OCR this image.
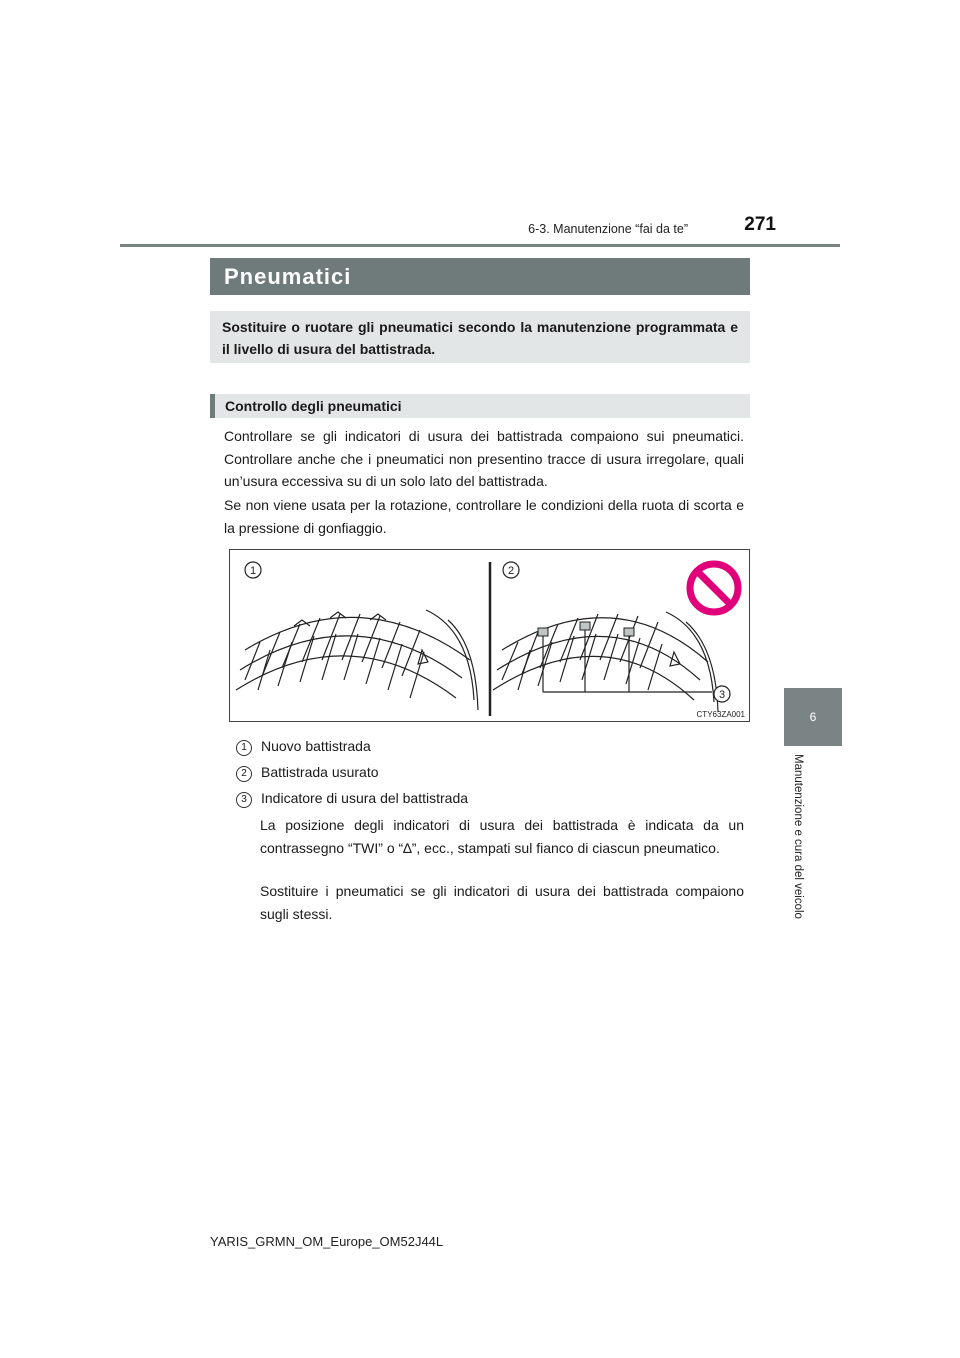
6-3. Manutenzione “fai da te”	271
6
Manutenzione e cura del veicolo
Pneumatici
Sostituire o ruotare gli pneumatici secondo la manutenzione programmata e il livello di usura del battistrada.
Controllo degli pneumatici

Controllare se gli indicatori di usura dei battistrada compaiono sui pneumatici. Controllare anche che i pneumatici non presentino tracce di usura irregolare, quali un’usura eccessiva su di un solo lato del battistrada.

Se non viene usata per la rotazione, controllare le condizioni della ruota di scorta e la pressione di gonfiaggio.

1	2
3
CTY63ZA001
1 Nuovo battistrada
2 Battistrada usurato
3 Indicatore di usura del battistrada

La posizione degli indicatori di usura dei battistrada è indicata da un contrassegno “TWI” o “∆”, ecc., stampati sul fianco di ciascun pneumatico.

Sostituire i pneumatici se gli indicatori di usura dei battistrada compaiono sugli stessi.

YARIS_GRMN_OM_Europe_OM52J44L
